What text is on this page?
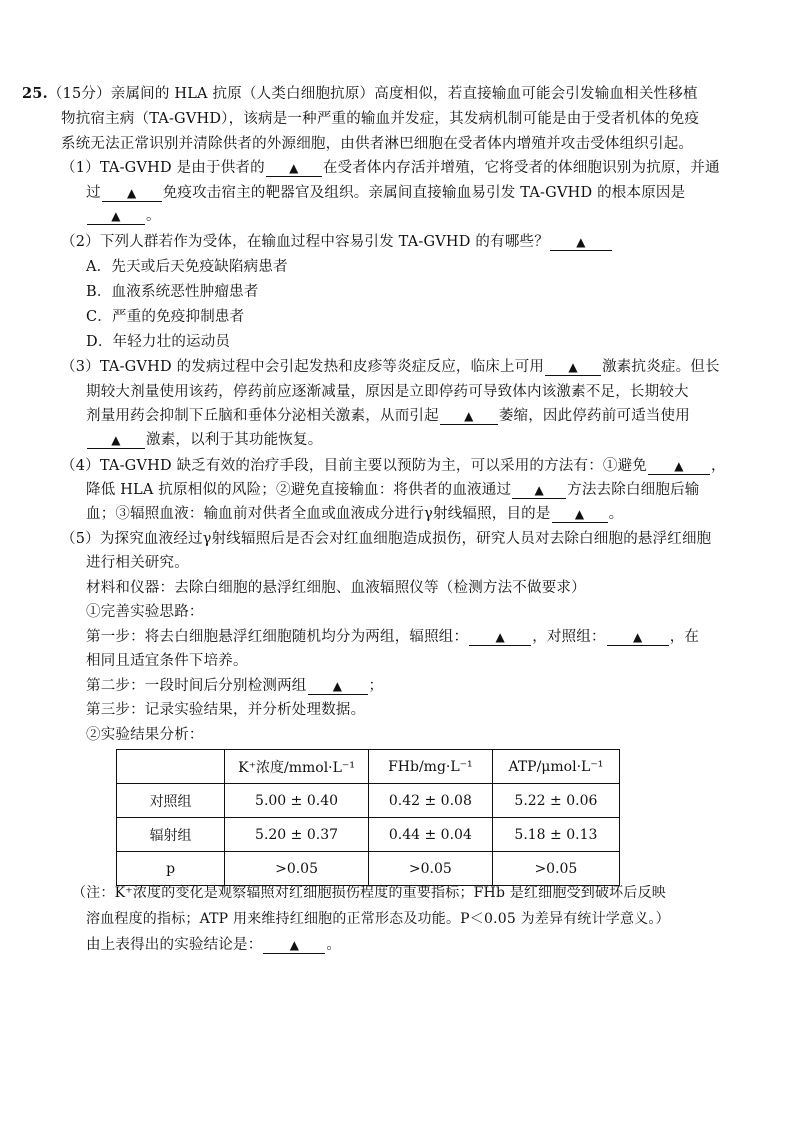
25.（15分）亲属间的 HLA 抗原（人类白细胞抗原）高度相似，若直接输血可能会引发输血相关性移植
物抗宿主病（TA-GVHD），该病是一种严重的输血并发症，其发病机制可能是由于受者机体的免疫
系统无法正常识别并清除供者的外源细胞，由供者淋巴细胞在受者体内增殖并攻击受体组织引起。
（1）TA-GVHD 是由于供者的 ▲ 在受者体内存活并增殖，它将受者的体细胞识别为抗原，并通
过 ▲ 免疫攻击宿主的靶器官及组织。亲属间直接输血易引发 TA-GVHD 的根本原因是
▲ 。
（2）下列人群若作为受体，在输血过程中容易引发 TA-GVHD 的有哪些？ ▲
A．先天或后天免疫缺陷病患者
B．血液系统恶性肿瘤患者
C．严重的免疫抑制患者
D．年轻力壮的运动员
（3）TA-GVHD 的发病过程中会引起发热和皮疹等炎症反应，临床上可用 ▲ 激素抗炎症。但长
期较大剂量使用该药，停药前应逐渐减量，原因是立即停药可导致体内该激素不足，长期较大
剂量用药会抑制下丘脑和垂体分泌相关激素，从而引起 ▲ 萎缩，因此停药前可适当使用
▲ 激素，以利于其功能恢复。
（4）TA-GVHD 缺乏有效的治疗手段，目前主要以预防为主，可以采用的方法有：①避免 ▲ ，
降低 HLA 抗原相似的风险；②避免直接输血：将供者的血液通过 ▲ 方法去除白细胞后输
血；③辐照血液：输血前对供者全血或血液成分进行γ射线辐照，目的是 ▲ 。
（5）为探究血液经过γ射线辐照后是否会对红血细胞造成损伤，研究人员对去除白细胞的悬浮红细胞
进行相关研究。
材料和仪器：去除白细胞的悬浮红细胞、血液辐照仪等（检测方法不做要求）
①完善实验思路：
第一步：将去白细胞悬浮红细胞随机均分为两组，辐照组： ▲ ，对照组： ▲ ，在
相同且适宜条件下培养。
第二步：一段时间后分别检测两组 ▲ ；
第三步：记录实验结果，并分析处理数据。
②实验结果分析：
	K⁺浓度/mmol·L⁻¹	FHb/mg·L⁻¹	ATP/μmol·L⁻¹
对照组	5.00 ± 0.40	0.42 ± 0.08	5.22 ± 0.06
辐射组	5.20 ± 0.37	0.44 ± 0.04	5.18 ± 0.13
p	>0.05	>0.05	>0.05
（注：K⁺浓度的变化是观察辐照对红细胞损伤程度的重要指标；FHb 是红细胞受到破坏后反映
溶血程度的指标；ATP 用来维持红细胞的正常形态及功能。P＜0.05 为差异有统计学意义。）
由上表得出的实验结论是： ▲ 。
